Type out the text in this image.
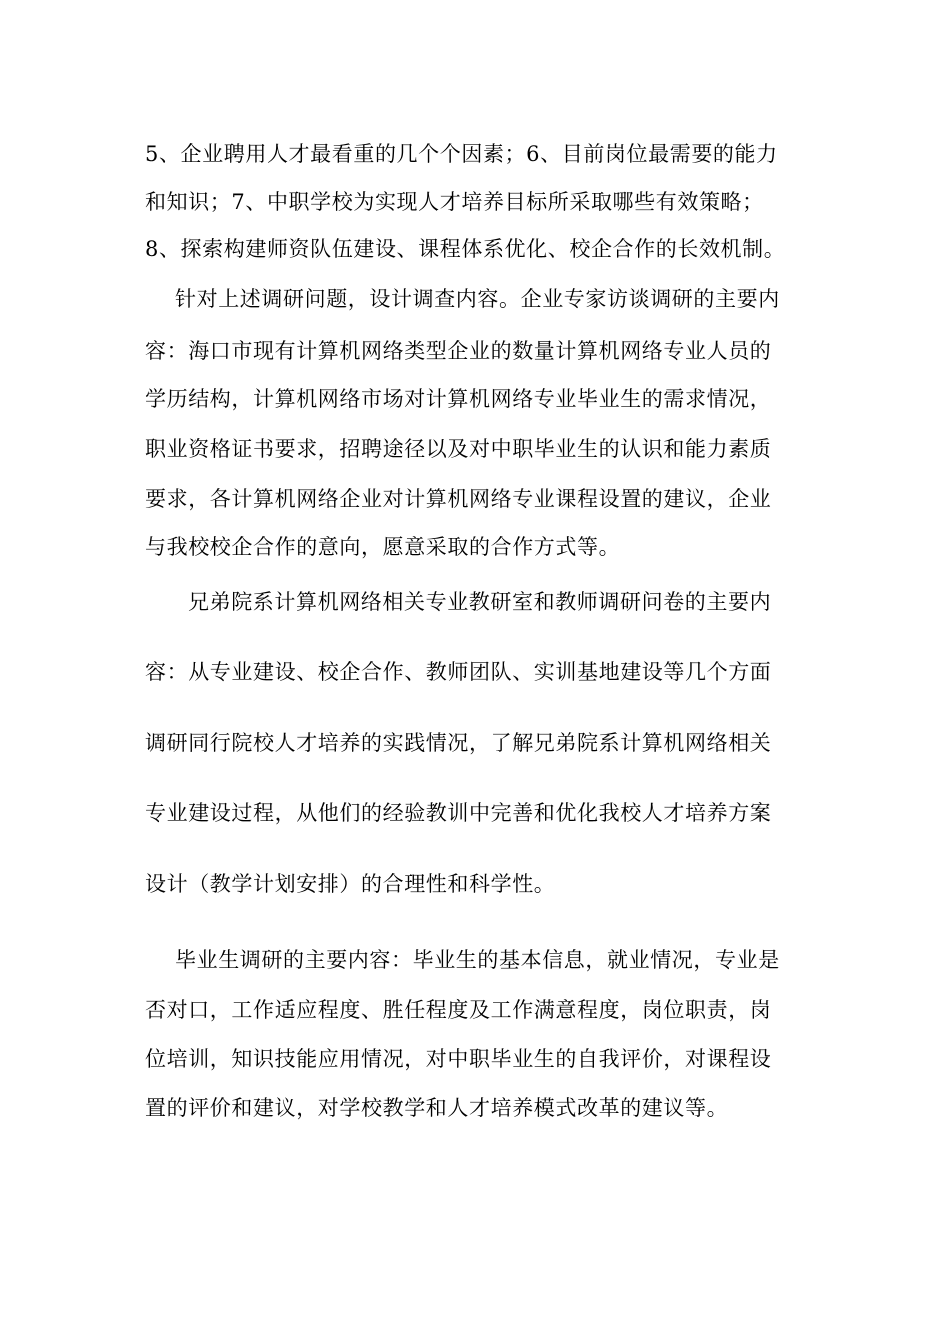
5、企业聘用人才最看重的几个个因素；6、目前岗位最需要的能力
和知识；7、中职学校为实现人才培养目标所采取哪些有效策略；
8、探索构建师资队伍建设、课程体系优化、校企合作的长效机制。
针对上述调研问题，设计调查内容。企业专家访谈调研的主要内
容：海口市现有计算机网络类型企业的数量计算机网络专业人员的
学历结构，计算机网络市场对计算机网络专业毕业生的需求情况，
职业资格证书要求，招聘途径以及对中职毕业生的认识和能力素质
要求，各计算机网络企业对计算机网络专业课程设置的建议，企业
与我校校企合作的意向，愿意采取的合作方式等。
兄弟院系计算机网络相关专业教研室和教师调研问卷的主要内
容：从专业建设、校企合作、教师团队、实训基地建设等几个方面
调研同行院校人才培养的实践情况，了解兄弟院系计算机网络相关
专业建设过程，从他们的经验教训中完善和优化我校人才培养方案
设计（教学计划安排）的合理性和科学性。
毕业生调研的主要内容：毕业生的基本信息，就业情况，专业是
否对口，工作适应程度、胜任程度及工作满意程度，岗位职责，岗
位培训，知识技能应用情况，对中职毕业生的自我评价，对课程设
置的评价和建议，对学校教学和人才培养模式改革的建议等。
